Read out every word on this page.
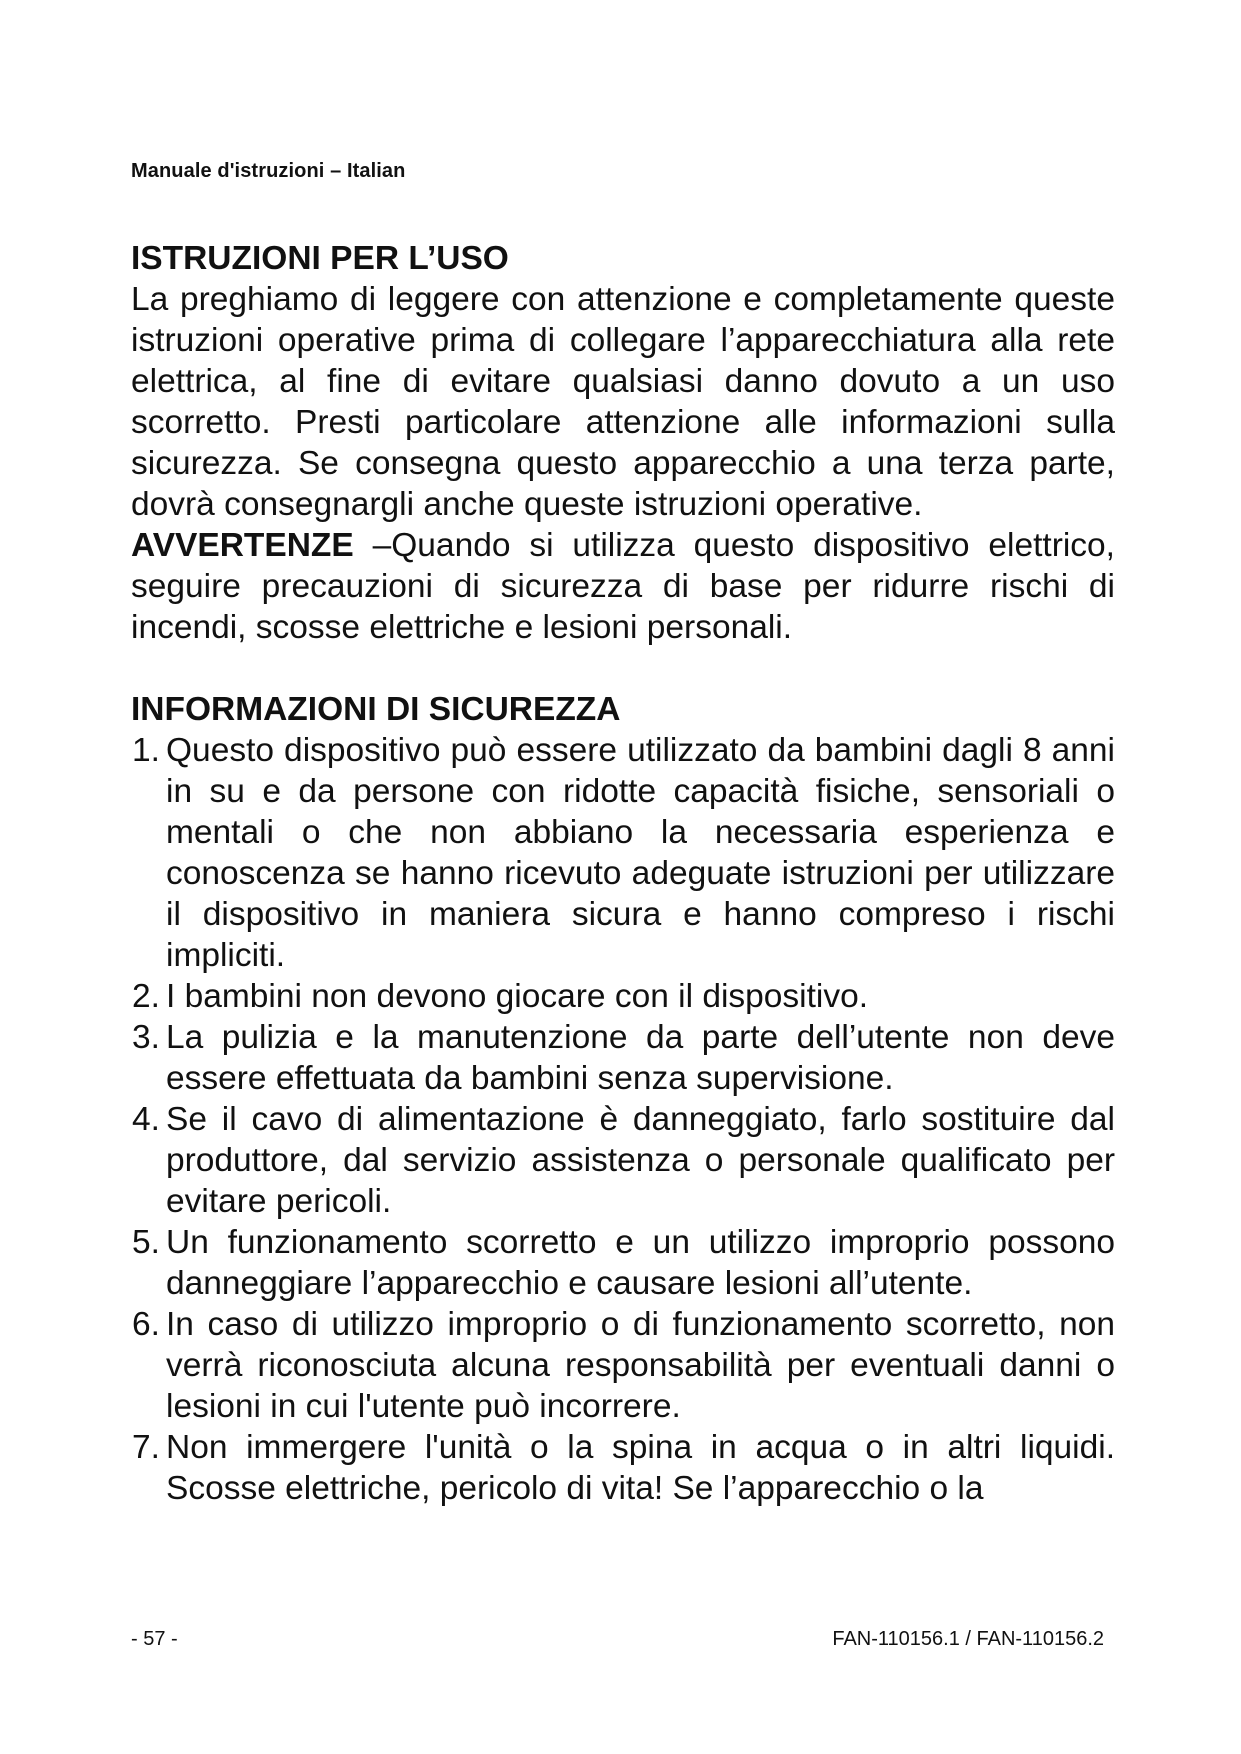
Manuale d'istruzioni – Italian

ISTRUZIONI PER L’USO

La preghiamo di leggere con attenzione e completamente queste istruzioni operative prima di collegare l’apparecchiatura alla rete elettrica, al fine di evitare qualsiasi danno dovuto a un uso scorretto. Presti particolare attenzione alle informazioni sulla sicurezza. Se consegna questo apparecchio a una terza parte, dovrà consegnargli anche queste istruzioni operative.

AVVERTENZE –Quando si utilizza questo dispositivo elettrico, seguire precauzioni di sicurezza di base per ridurre rischi di incendi, scosse elettriche e lesioni personali.

INFORMAZIONI DI SICUREZZA

1. Questo dispositivo può essere utilizzato da bambini dagli 8 anni in su e da persone con ridotte capacità fisiche, sensoriali o mentali o che non abbiano la necessaria esperienza e conoscenza se hanno ricevuto adeguate istruzioni per utilizzare il dispositivo in maniera sicura e hanno compreso i rischi impliciti.
2. I bambini non devono giocare con il dispositivo.
3. La pulizia e la manutenzione da parte dell’utente non deve essere effettuata da bambini senza supervisione.
4. Se il cavo di alimentazione è danneggiato, farlo sostituire dal produttore, dal servizio assistenza o personale qualificato per evitare pericoli.
5. Un funzionamento scorretto e un utilizzo improprio possono danneggiare l’apparecchio e causare lesioni all’utente.
6. In caso di utilizzo improprio o di funzionamento scorretto, non verrà riconosciuta alcuna responsabilità per eventuali danni o lesioni in cui l'utente può incorrere.
7. Non immergere l'unità o la spina in acqua o in altri liquidi. Scosse elettriche, pericolo di vita! Se l’apparecchio o la
- 57 -	FAN-110156.1 / FAN-110156.2
